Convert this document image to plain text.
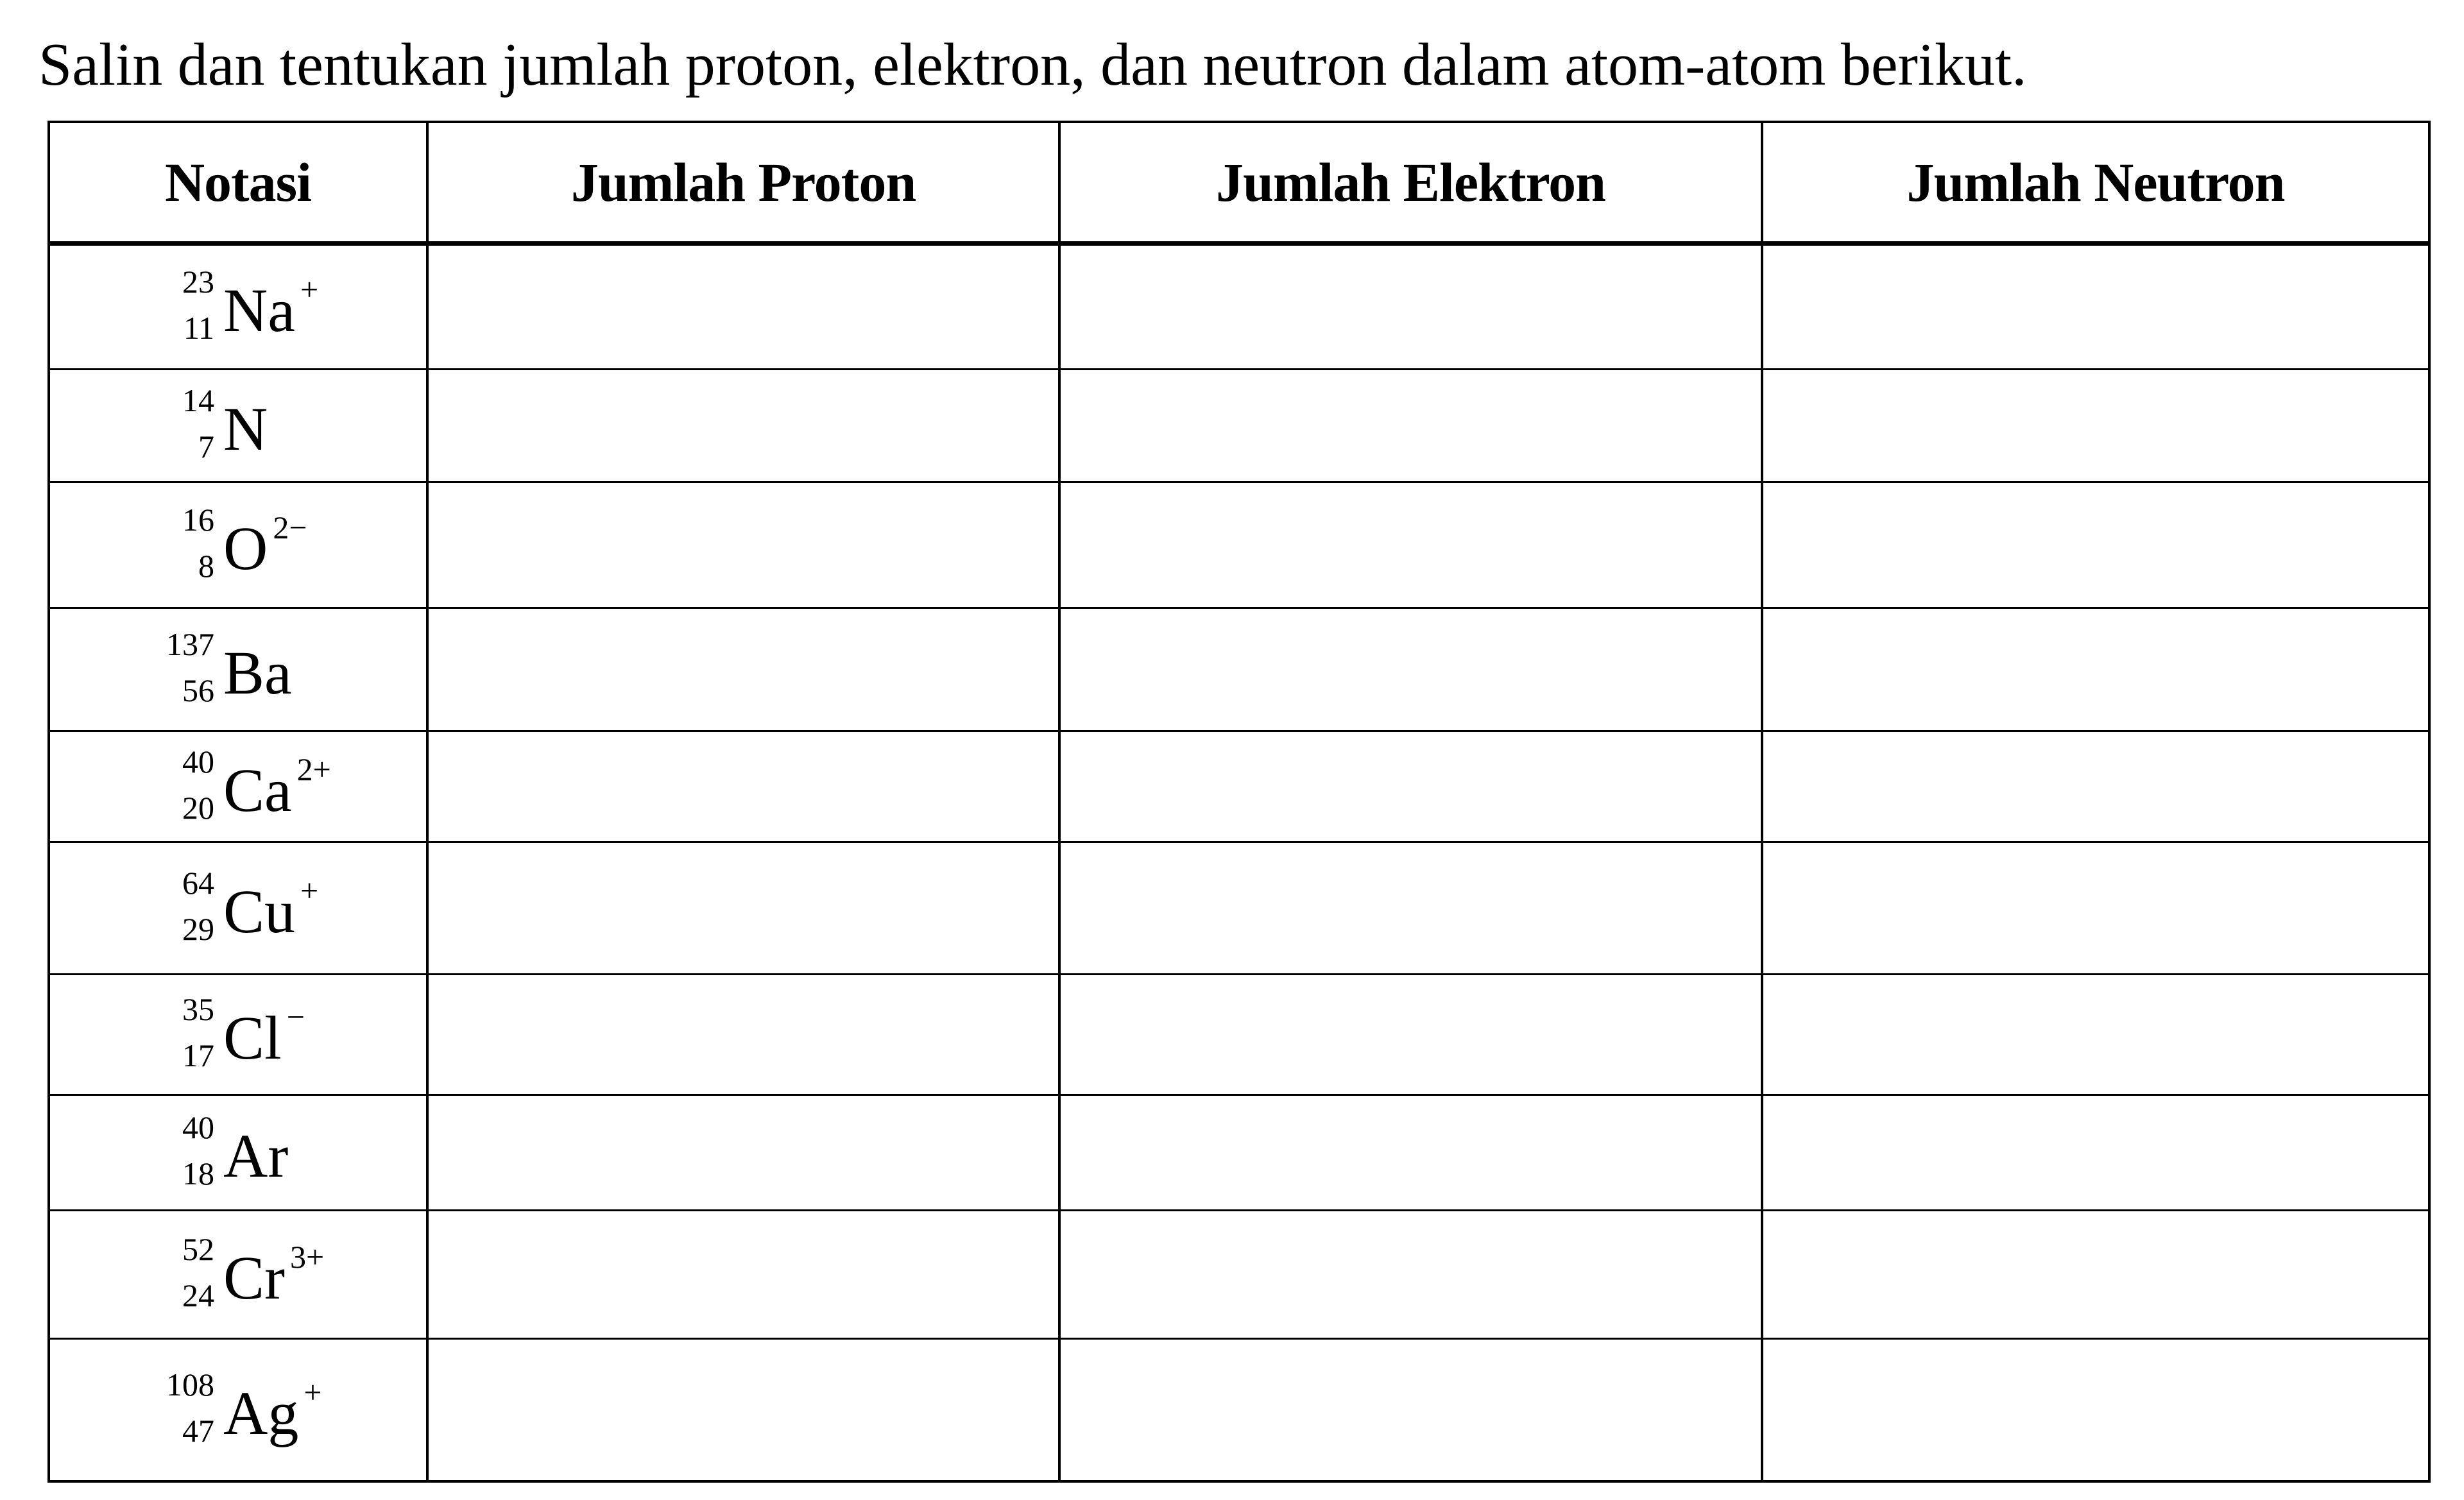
Salin dan tentukan jumlah proton, elektron, dan neutron dalam atom-atom berikut.

Notasi	Jumlah Proton	Jumlah Elektron	Jumlah Neutron

23
11 Na +

14
7 N			

16
8 O $^{2-}$

137
56 Ba			

40
20 Ca $^{2+}$

64
29 Cu +

35
17 Cl −

40
18 Ar			

52
24 Cr $^{3+}$

108
47 Ag +
